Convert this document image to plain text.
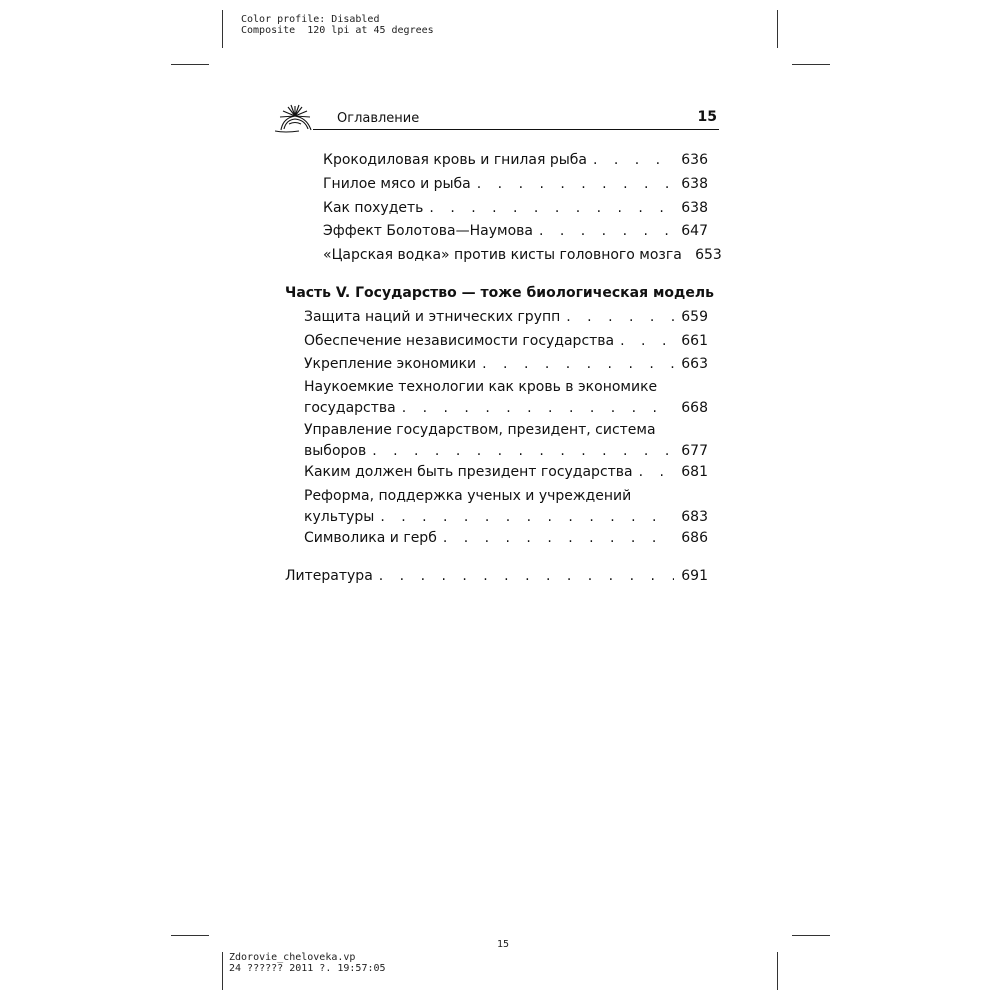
Color profile: Disabled
Composite  120 lpi at 45 degrees
Zdorovie_cheloveka.vp
24 ?????? 2011 ?. 19:57:05
15
Оглавление	15
Крокодиловая кровь и гнилая рыба . . .	636
Гнилое мясо и рыба . . .	638
Как похудеть . . .	638
Эффект Болотова—Наумова . . .	647
«Царская водка» против кисты головного мозга 653
Часть V. Государство — тоже биологическая модель
Защита наций и этнических групп . . .	659
Обеспечение независимости государства . . .	661
Укрепление экономики . . .	663
Наукоемкие технологии как кровь в экономике
государства . . .	668
Управление государством, президент, система
выборов . . .	677
Каким должен быть президент государства . . .	681
Реформа, поддержка ученых и учреждений
культуры . . .	683
Символика и герб . . .	686
Литература . . .	691
